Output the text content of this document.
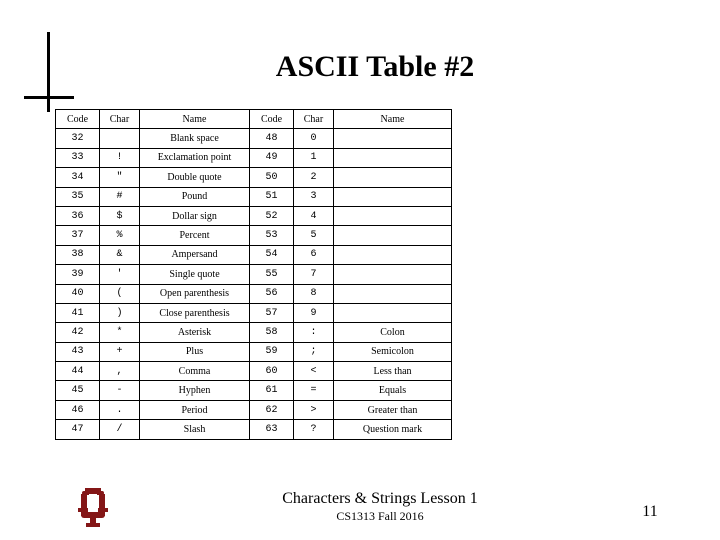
ASCII Table #2
Code	Char	Name	Code	Char	Name
32		Blank space	48	0	
33	!	Exclamation point	49	1	
34	"	Double quote	50	2	
35	#	Pound	51	3	
36	$	Dollar sign	52	4	
37	%	Percent	53	5	
38	&	Ampersand	54	6	
39	'	Single quote	55	7	
40	(	Open parenthesis	56	8	
41	)	Close parenthesis	57	9	
42	*	Asterisk	58	:	Colon
43	+	Plus	59	;	Semicolon
44	,	Comma	60	<	Less than
45	-	Hyphen	61	=	Equals
46	.	Period	62	>	Greater than
47	/	Slash	63	?	Question mark
Characters & Strings Lesson 1
CS1313 Fall 2016	11
